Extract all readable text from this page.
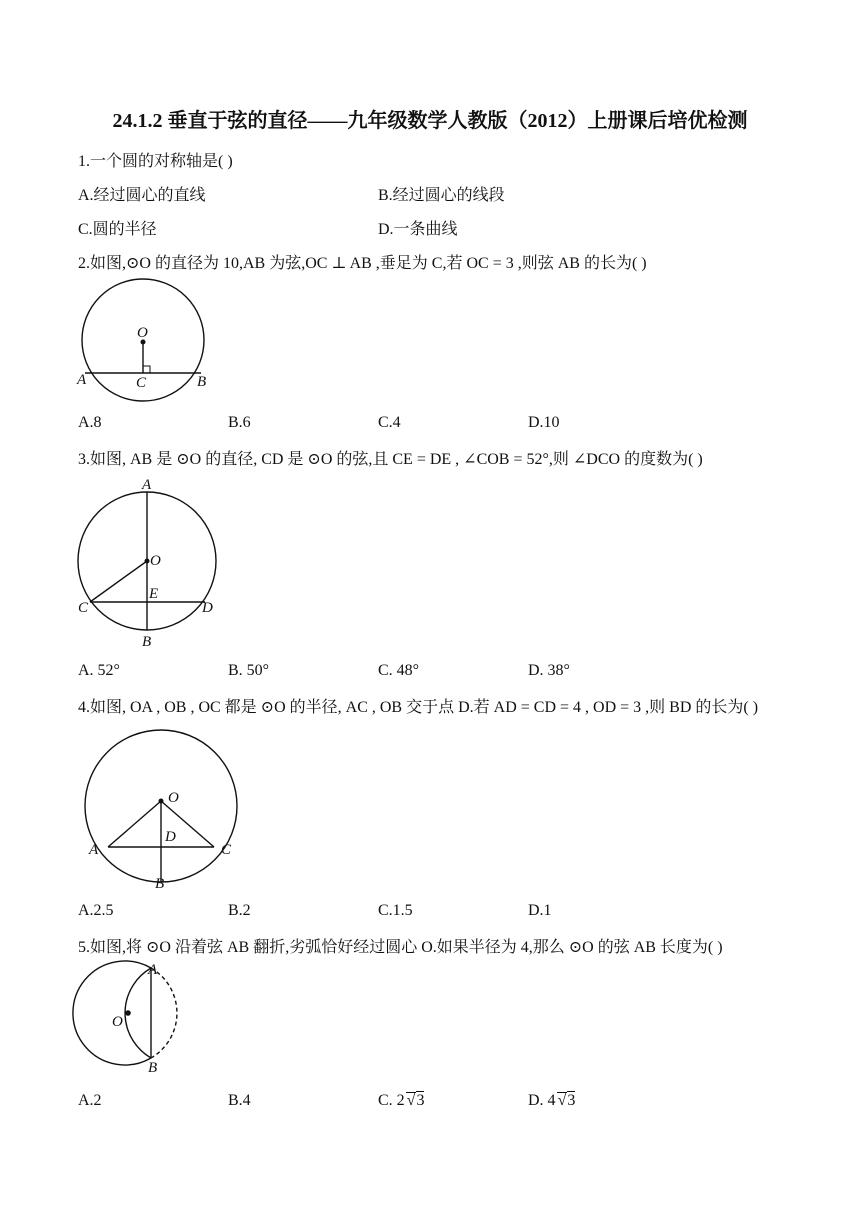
24.1.2 垂直于弦的直径——九年级数学人教版（2012）上册课后培优检测
1.一个圆的对称轴是( )
A.经过圆心的直线	B.经过圆心的线段
C.圆的半径	D.一条曲线
2.如图,⊙O 的直径为 10,AB 为弦,OC ⊥ AB ,垂足为 C,若 OC = 3 ,则弦 AB 的长为( )
O
A	B
C
A.8	B.6	C.4	D.10
3.如图, AB 是 ⊙O 的直径, CD 是 ⊙O 的弦,且 CE = DE , ∠COB = 52°,则 ∠DCO 的度数为( )
A
O
E
C	D
B
A. 52°	B. 50°	C. 48°	D. 38°
4.如图, OA , OB , OC 都是 ⊙O 的半径, AC , OB 交于点 D.若 AD = CD = 4 , OD = 3 ,则 BD 的长为( )
O
D
A	C
B
A.2.5	B.2	C.1.5	D.1
5.如图,将 ⊙O 沿着弦 AB 翻折,劣弧恰好经过圆心 O.如果半径为 4,那么 ⊙O 的弦 AB 长度为( )
A
O
B
A.2	B.4	C. 2 √3	D. 4 √3
